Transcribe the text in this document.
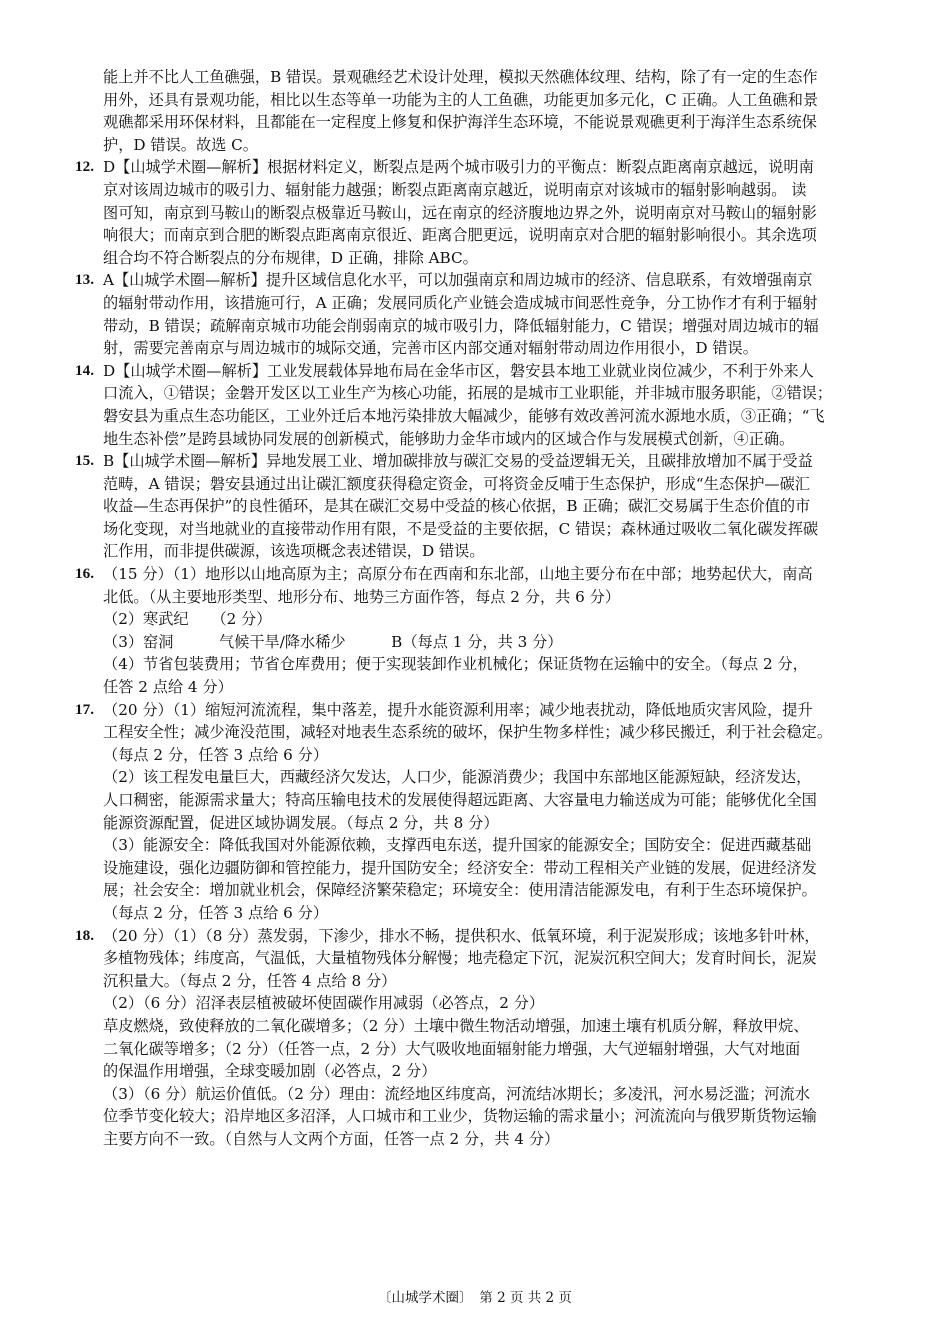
能上并不比人工鱼礁强，B 错误。景观礁经艺术设计处理，模拟天然礁体纹理、结构，除了有一定的生态作
用外，还具有景观功能，相比以生态等单一功能为主的人工鱼礁，功能更加多元化，C 正确。人工鱼礁和景
观礁都采用环保材料，且都能在一定程度上修复和保护海洋生态环境，不能说景观礁更利于海洋生态系统保
护，D 错误。故选 C。
12. D【山城学术圈—解析】根据材料定义，断裂点是两个城市吸引力的平衡点：断裂点距离南京越远，说明南
京对该周边城市的吸引力、辐射能力越强；断裂点距离南京越近，说明南京对该城市的辐射影响越弱。 读
图可知，南京到马鞍山的断裂点极靠近马鞍山，远在南京的经济腹地边界之外，说明南京对马鞍山的辐射影
响很大；而南京到合肥的断裂点距离南京很近、距离合肥更远，说明南京对合肥的辐射影响很小。其余选项
组合均不符合断裂点的分布规律，D 正确，排除 ABC。
13. A【山城学术圈—解析】提升区域信息化水平，可以加强南京和周边城市的经济、信息联系，有效增强南京
的辐射带动作用，该措施可行，A 正确；发展同质化产业链会造成城市间恶性竞争，分工协作才有利于辐射
带动，B 错误；疏解南京城市功能会削弱南京的城市吸引力，降低辐射能力，C 错误；增强对周边城市的辐
射，需要完善南京与周边城市的城际交通，完善市区内部交通对辐射带动周边作用很小，D 错误。
14. D【山城学术圈—解析】工业发展载体异地布局在金华市区，磐安县本地工业就业岗位减少，不利于外来人
口流入，①错误；金磐开发区以工业生产为核心功能，拓展的是城市工业职能，并非城市服务职能，②错误；
磐安县为重点生态功能区，工业外迁后本地污染排放大幅减少，能够有效改善河流水源地水质，③正确；“飞
地生态补偿”是跨县域协同发展的创新模式，能够助力金华市域内的区域合作与发展模式创新，④正确。
15. B【山城学术圈—解析】异地发展工业、增加碳排放与碳汇交易的受益逻辑无关，且碳排放增加不属于受益
范畴，A 错误；磐安县通过出让碳汇额度获得稳定资金，可将资金反哺于生态保护，形成“生态保护—碳汇
收益—生态再保护”的良性循环，是其在碳汇交易中受益的核心依据，B 正确；碳汇交易属于生态价值的市
场化变现，对当地就业的直接带动作用有限，不是受益的主要依据，C 错误；森林通过吸收二氧化碳发挥碳
汇作用，而非提供碳源，该选项概念表述错误，D 错误。
16. （15 分）（1）地形以山地高原为主；高原分布在西南和东北部，山地主要分布在中部；地势起伏大，南高
北低。（从主要地形类型、地形分布、地势三方面作答，每点 2 分，共 6 分）
（2）寒武纪　　（2 分）
（3）窑洞　　　气候干旱/降水稀少　　　B（每点 1 分，共 3 分）
（4）节省包装费用；节省仓库费用；便于实现装卸作业机械化；保证货物在运输中的安全。（每点 2 分，
任答 2 点给 4 分）
17. （20 分）（1）缩短河流流程，集中落差，提升水能资源利用率；减少地表扰动，降低地质灾害风险，提升
工程安全性；减少淹没范围，减轻对地表生态系统的破坏，保护生物多样性；减少移民搬迁，利于社会稳定。
（每点 2 分，任答 3 点给 6 分）
（2）该工程发电量巨大，西藏经济欠发达，人口少，能源消费少；我国中东部地区能源短缺，经济发达，
人口稠密，能源需求量大；特高压输电技术的发展使得超远距离、大容量电力输送成为可能；能够优化全国
能源资源配置，促进区域协调发展。（每点 2 分，共 8 分）
（3）能源安全：降低我国对外能源依赖，支撑西电东送，提升国家的能源安全；国防安全：促进西藏基础
设施建设，强化边疆防御和管控能力，提升国防安全；经济安全：带动工程相关产业链的发展，促进经济发
展；社会安全：增加就业机会，保障经济繁荣稳定；环境安全：使用清洁能源发电，有利于生态环境保护。
（每点 2 分，任答 3 点给 6 分）
18. （20 分）（1）（8 分）蒸发弱，下渗少，排水不畅，提供积水、低氧环境，利于泥炭形成；该地多针叶林，
多植物残体；纬度高，气温低，大量植物残体分解慢；地壳稳定下沉，泥炭沉积空间大；发育时间长，泥炭
沉积量大。（每点 2 分，任答 4 点给 8 分）
（2）（6 分）沼泽表层植被破坏使固碳作用减弱（必答点，2 分）
草皮燃烧，致使释放的二氧化碳增多；（2 分）土壤中微生物活动增强，加速土壤有机质分解，释放甲烷、
二氧化碳等增多；（2 分）（任答一点，2 分）大气吸收地面辐射能力增强，大气逆辐射增强，大气对地面
的保温作用增强，全球变暖加剧（必答点，2 分）
（3）（6 分）航运价值低。（2 分）理由：流经地区纬度高，河流结冰期长；多凌汛，河水易泛滥；河流水
位季节变化较大；沿岸地区多沼泽，人口城市和工业少，货物运输的需求量小；河流流向与俄罗斯货物运输
主要方向不一致。（自然与人文两个方面，任答一点 2 分，共 4 分）
〔山城学术圈〕　第 2 页 共 2 页
